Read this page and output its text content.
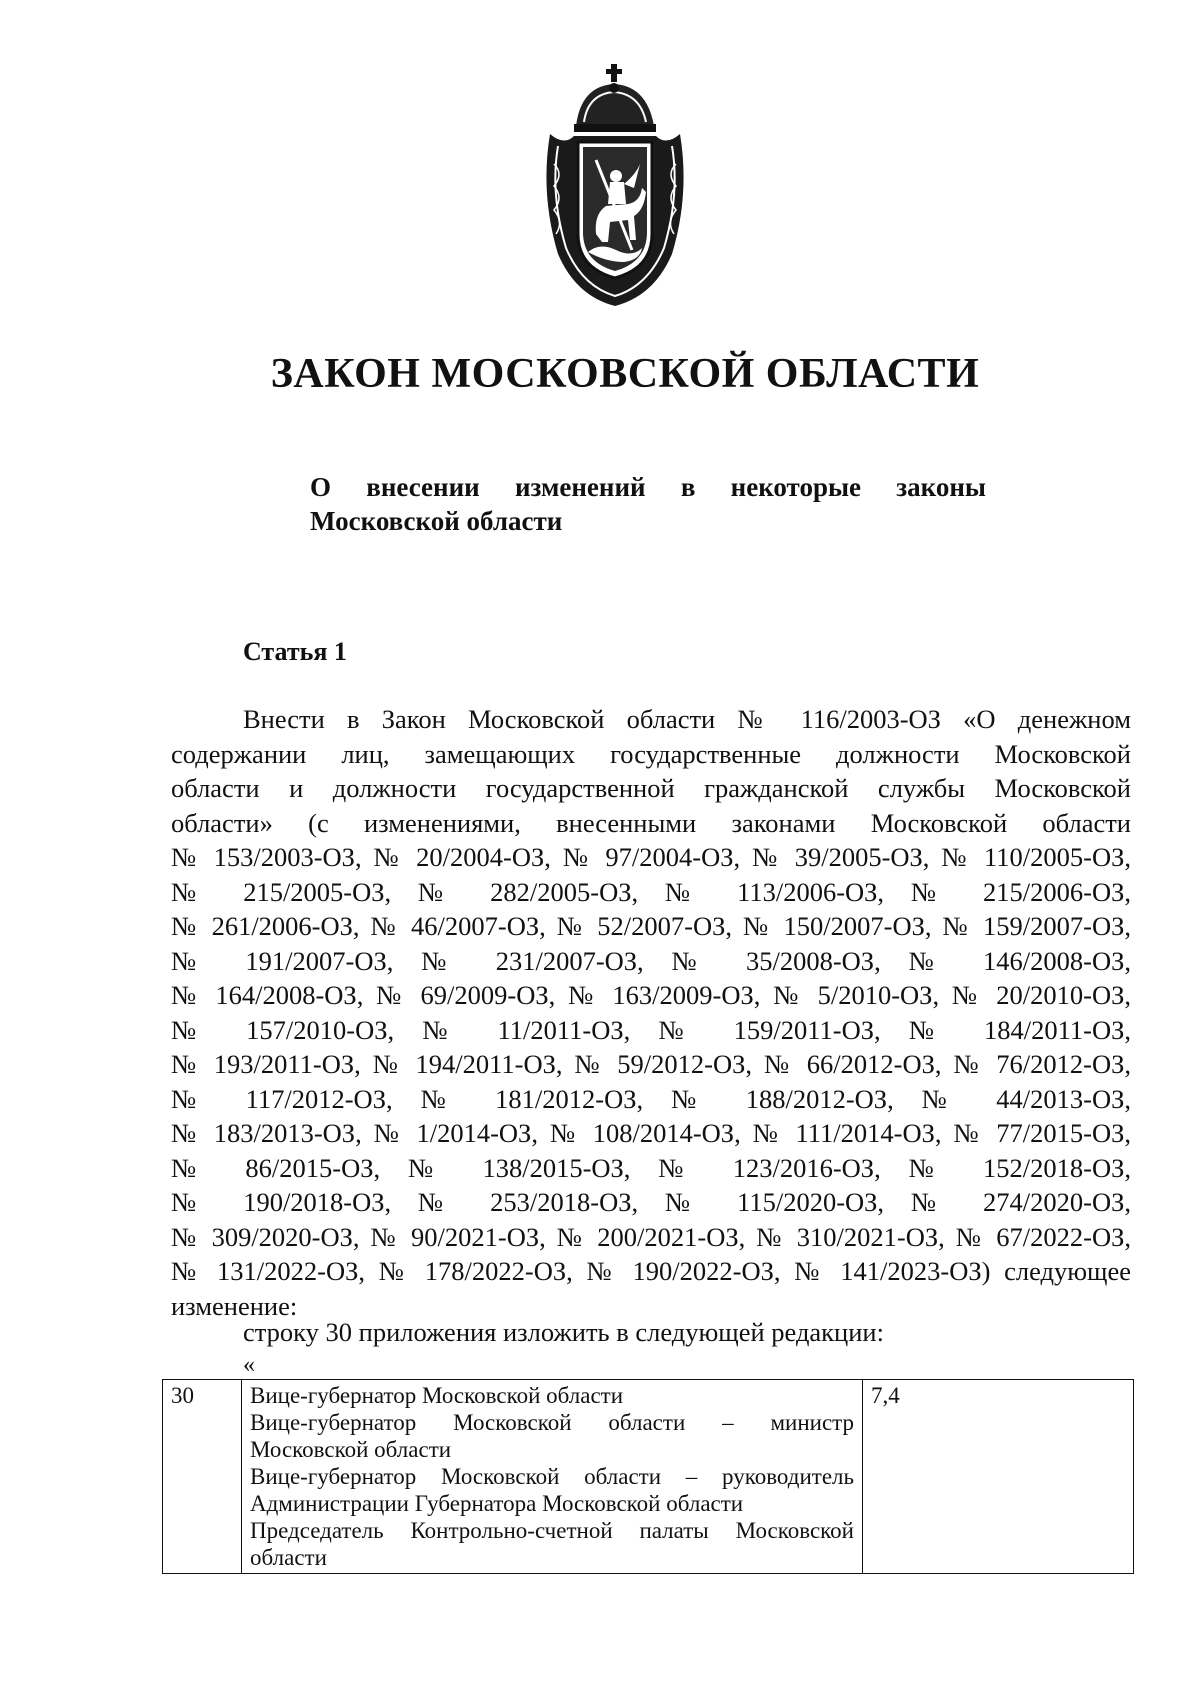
ЗАКОН МОСКОВСКОЙ ОБЛАСТИ
О внесении изменений в некоторые законы
Московской области
Статья 1

Внести в Закон Московской области № 116/2003-ОЗ «О денежном
содержании лиц, замещающих государственные должности Московской
области и должности государственной гражданской службы Московской
области» (с изменениями, внесенными законами Московской области
№ 153/2003-ОЗ, № 20/2004-ОЗ, № 97/2004-ОЗ, № 39/2005-ОЗ, № 110/2005-ОЗ,
№ 215/2005-ОЗ, № 282/2005-ОЗ, № 113/2006-ОЗ, № 215/2006-ОЗ,
№ 261/2006-ОЗ, № 46/2007-ОЗ, № 52/2007-ОЗ, № 150/2007-ОЗ, № 159/2007-ОЗ,
№ 191/2007-ОЗ, № 231/2007-ОЗ, № 35/2008-ОЗ, № 146/2008-ОЗ,
№ 164/2008-ОЗ, № 69/2009-ОЗ, № 163/2009-ОЗ, № 5/2010-ОЗ, № 20/2010-ОЗ,
№ 157/2010-ОЗ, № 11/2011-ОЗ, № 159/2011-ОЗ, № 184/2011-ОЗ,
№ 193/2011-ОЗ, № 194/2011-ОЗ, № 59/2012-ОЗ, № 66/2012-ОЗ, № 76/2012-ОЗ,
№ 117/2012-ОЗ, № 181/2012-ОЗ, № 188/2012-ОЗ, № 44/2013-ОЗ,
№ 183/2013-ОЗ, № 1/2014-ОЗ, № 108/2014-ОЗ, № 111/2014-ОЗ, № 77/2015-ОЗ,
№ 86/2015-ОЗ, № 138/2015-ОЗ, № 123/2016-ОЗ, № 152/2018-ОЗ,
№ 190/2018-ОЗ, № 253/2018-ОЗ, № 115/2020-ОЗ, № 274/2020-ОЗ,
№ 309/2020-ОЗ, № 90/2021-ОЗ, № 200/2021-ОЗ, № 310/2021-ОЗ, № 67/2022-ОЗ,
№ 131/2022-ОЗ, № 178/2022-ОЗ, № 190/2022-ОЗ, № 141/2023-ОЗ) следующее
изменение:

строку 30 приложения изложить в следующей редакции:

«

30	Вице-губернатор Московской области
Вице-губернатор Московской области – министр
Московской области
Вице-губернатор Московской области – руководитель
Администрации Губернатора Московской области
Председатель Контрольно-счетной палаты Московской
области
	7,4
